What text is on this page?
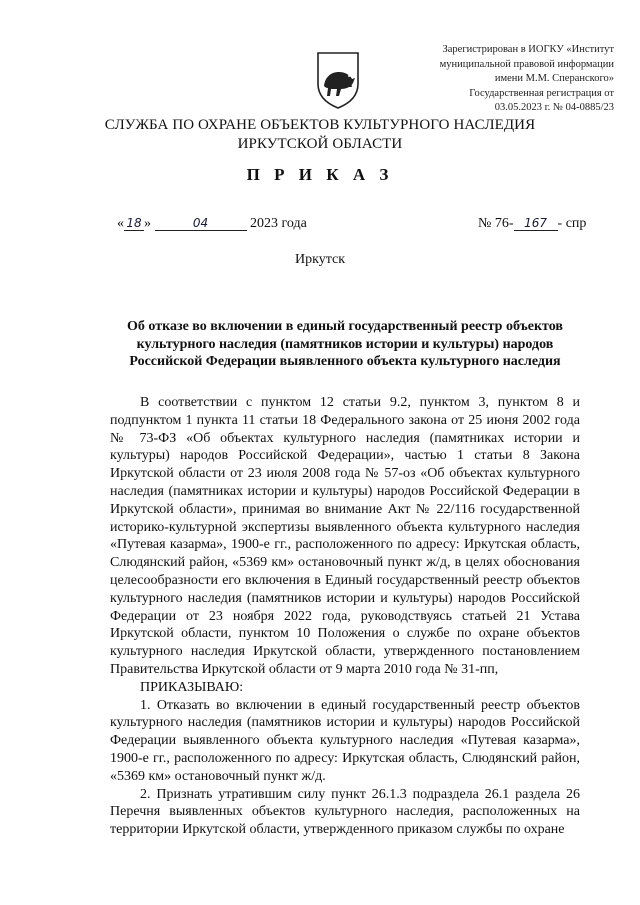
Зарегистрирован в ИОГКУ «Институт
муниципальной правовой информации
имени М.М. Сперанского»
Государственная регистрация от
03.05.2023 г. № 04-0885/23
СЛУЖБА ПО ОХРАНЕ ОБЪЕКТОВ КУЛЬТУРНОГО НАСЛЕДИЯ
ИРКУТСКОЙ ОБЛАСТИ
П Р И К А З
« 18 »	04	2023 года	№ 76- 167 - спр
Иркутск
Об отказе во включении в единый государственный реестр объектов
культурного наследия (памятников истории и культуры) народов
Российской Федерации выявленного объекта культурного наследия

В соответствии с пунктом 12 статьи 9.2, пунктом 3, пунктом 8 и подпунктом 1 пункта 11 статьи 18 Федерального закона от 25 июня 2002 года № 73-ФЗ «Об объектах культурного наследия (памятниках истории и культуры) народов Российской Федерации», частью 1 статьи 8 Закона Иркутской области от 23 июля 2008 года № 57-оз «Об объектах культурного наследия (памятниках истории и культуры) народов Российской Федерации в Иркутской области», принимая во внимание Акт № 22/116 государственной историко-культурной экспертизы выявленного объекта культурного наследия «Путевая казарма», 1900-е гг., расположенного по адресу: Иркутская область, Слюдянский район, «5369 км» остановочный пункт ж/д, в целях обоснования целесообразности его включения в Единый государственный реестр объектов культурного наследия (памятников истории и культуры) народов Российской Федерации от 23 ноября 2022 года, руководствуясь статьей 21 Устава Иркутской области, пунктом 10 Положения о службе по охране объектов культурного наследия Иркутской области, утвержденного постановлением Правительства Иркутской области от 9 марта 2010 года № 31-пп,

ПРИКАЗЫВАЮ:

1. Отказать во включении в единый государственный реестр объектов культурного наследия (памятников истории и культуры) народов Российской Федерации выявленного объекта культурного наследия «Путевая казарма», 1900-е гг., расположенного по адресу: Иркутская область, Слюдянский район, «5369 км» остановочный пункт ж/д.

2. Признать утратившим силу пункт 26.1.3 подраздела 26.1 раздела 26 Перечня выявленных объектов культурного наследия, расположенных на территории Иркутской области, утвержденного приказом службы по охране
